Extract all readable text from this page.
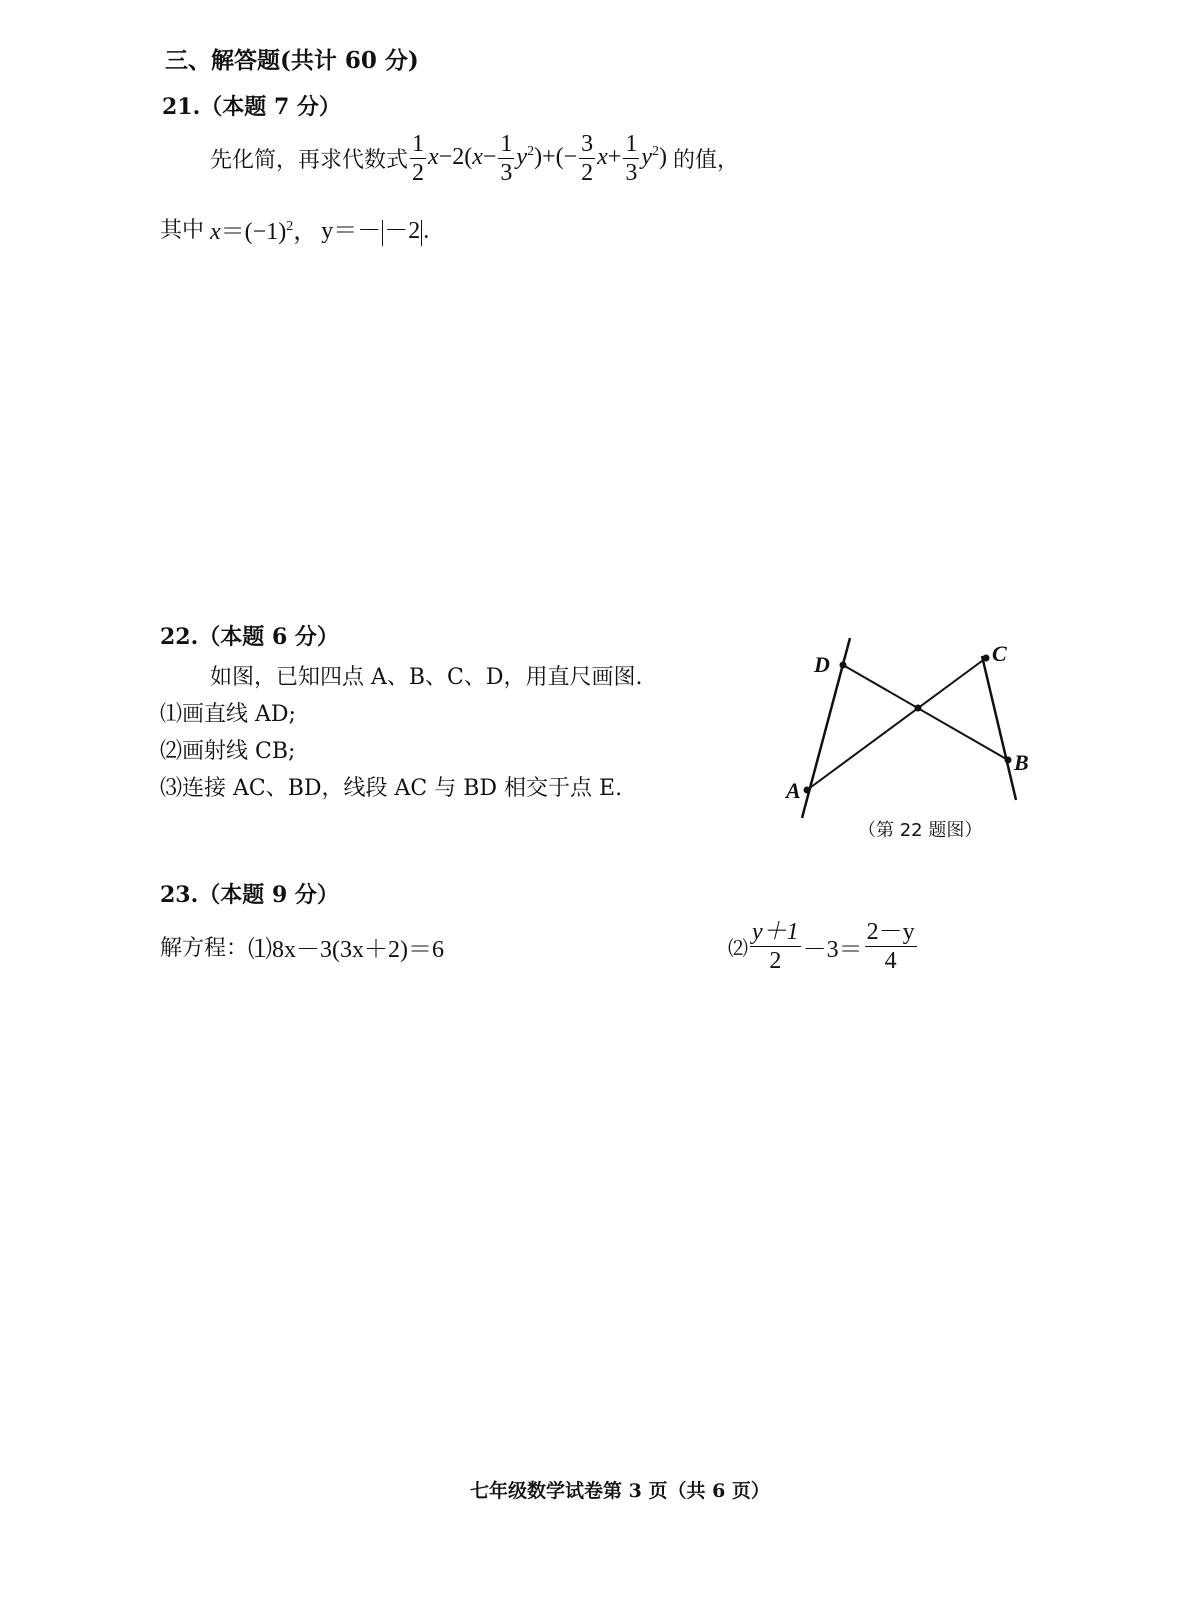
三、解答题(共计 60 分)
21.（本题 7 分）
先化简，再求代数式 $\frac{1}{2} x-2(x- \frac{1}{3} y^2)+(- \frac{3}{2} x+ \frac{1}{3} y^2)$ 的值，
其中 $x=(-1)^2$， y＝－ －2 .
22.（本题 6 分）
如图，已知四点 A、B、C、D，用直尺画图.
⑴画直线 AD;
⑵画射线 CB;
⑶连接 AC、BD，线段 AC 与 BD 相交于点 E.
D	C
B
A
（第 22 题图）
23.（本题 9 分）
解方程： ⑴ 8x－3(3x＋2)＝6	⑵ $\frac{y+1}{2} -3= \frac{2-y}{4}$
七年级数学试卷第 3 页（共 6 页）
